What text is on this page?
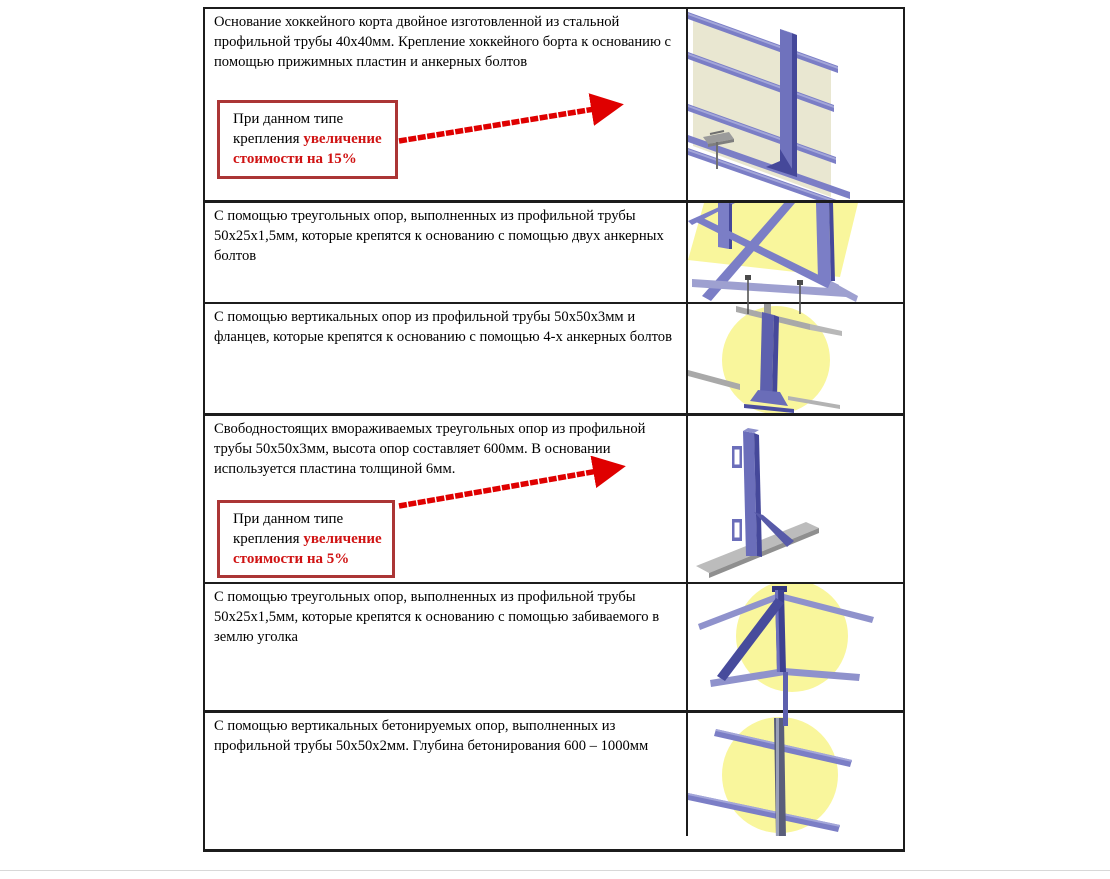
Основание хоккейного корта двойное изготовленной из стальной профильной трубы 40х40мм. Крепление хоккейного борта к основанию с помощью прижимных пластин и анкерных болтов
При данном типе крепления увеличение стоимости на 15%
С помощью треугольных опор, выполненных из профильной трубы 50х25х1,5мм, которые крепятся к основанию с помощью двух анкерных болтов
С помощью вертикальных опор из профильной трубы 50х50х3мм и фланцев, которые крепятся к основанию с помощью 4-х анкерных болтов
Свободностоящих вмораживаемых треугольных опор из профильной трубы 50х50х3мм, высота опор составляет 600мм. В основании используется пластина толщиной 6мм.
При данном типе крепления увеличение стоимости на 5%
С помощью треугольных опор, выполненных из профильной трубы 50х25х1,5мм, которые крепятся к основанию с помощью забиваемого в землю уголка
С помощью вертикальных бетонируемых опор, выполненных из профильной трубы 50х50х2мм. Глубина бетонирования 600 – 1000мм
